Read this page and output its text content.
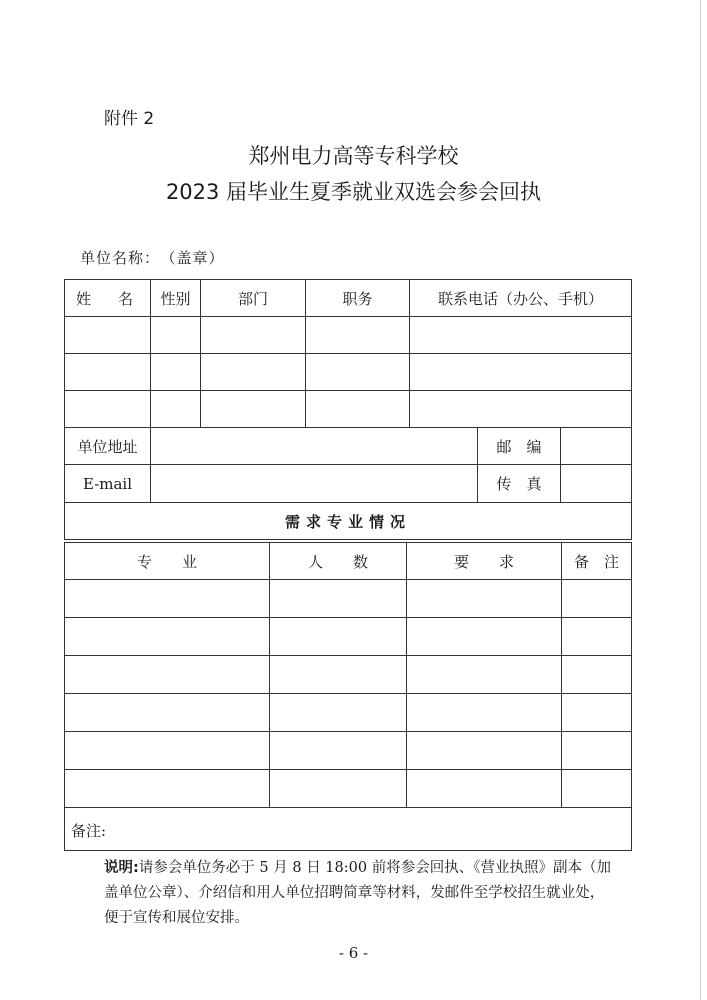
附件 2
郑州电力高等专科学校
2023 届毕业生夏季就业双选会参会回执
单位名称： （盖章）
姓　名	性别	部门	职务	联系电话（办公、手机）		

单位地址					邮　编	
E-mail					传　真	
需求专业情况						
专　　业	人　　数	要　　求	备　注

备注:			
说明:请参会单位务必于 5 月 8 日 18:00 前将参会回执、《营业执照》副本（加盖单位公章）、介绍信和用人单位招聘简章等材料，发邮件至学校招生就业处，便于宣传和展位安排。
- 6 -
